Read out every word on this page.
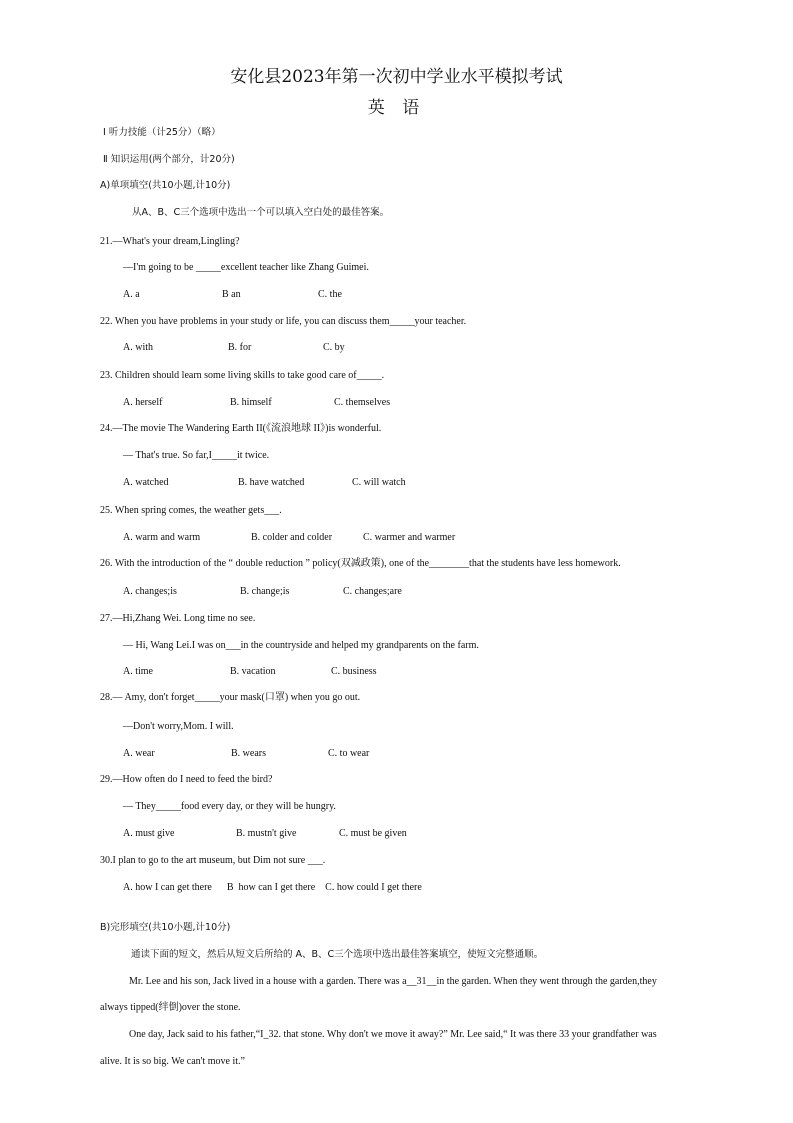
安化县2023年第一次初中学业水平模拟考试
英 语
Ⅰ 听力技能（计25分）（略）
Ⅱ 知识运用(两个部分，计20分)
A)单项填空(共10小题,计10分)
从A、B、C三个选项中选出一个可以填入空白处的最佳答案。
21.—What's your dream,Lingling?
—I'm going to be _____excellent teacher like Zhang Guimei.
A. a	B an	C. the
22. When you have problems in your study or life, you can discuss them_____your teacher.
A. with	B. for	C. by
23. Children should learn some living skills to take good care of_____.
A. herself	B. himself	C. themselves
24.—The movie The Wandering Earth II(《流浪地球 II》)is wonderful.
— That's true. So far,I_____it twice.
A. watched	B. have watched	C. will watch
25. When spring comes, the weather gets___.
A. warm and warm	B. colder and colder	C. warmer and warmer
26. With the introduction of the “ double reduction ” policy(双减政策), one of the________that the students have less homework.
A. changes;is	B. change;is	C. changes;are
27.—Hi,Zhang Wei. Long time no see.
— Hi, Wang Lei.I was on___in the countryside and helped my grandparents on the farm.
A. time	B. vacation	C. business
28.— Amy, don't forget_____your mask(口罩) when you go out.
—Don't worry,Mom. I will.
A. wear	B. wears	C. to wear
29.—How often do I need to feed the bird?
— They_____food every day, or they will be hungry.
A. must give	B. mustn't give	C. must be given
30.I plan to go to the art museum, but Dim not sure ___.
A. how I can get there      B  how can I get there    C. how could I get there
B)完形填空(共10小题,计10分)
通读下面的短文，然后从短文后所给的 A、B、C三个选项中选出最佳答案填空，使短文完整通顺。
Mr. Lee and his son, Jack lived in a house with a garden. There was a__31__in the garden. When they went through the garden,they
always tipped(绊倒)over the stone.
One day, Jack said to his father,“I_32. that stone. Why don't we move it away?” Mr. Lee said,“ It was there 33 your grandfather was
alive. It is so big. We can't move it.”
